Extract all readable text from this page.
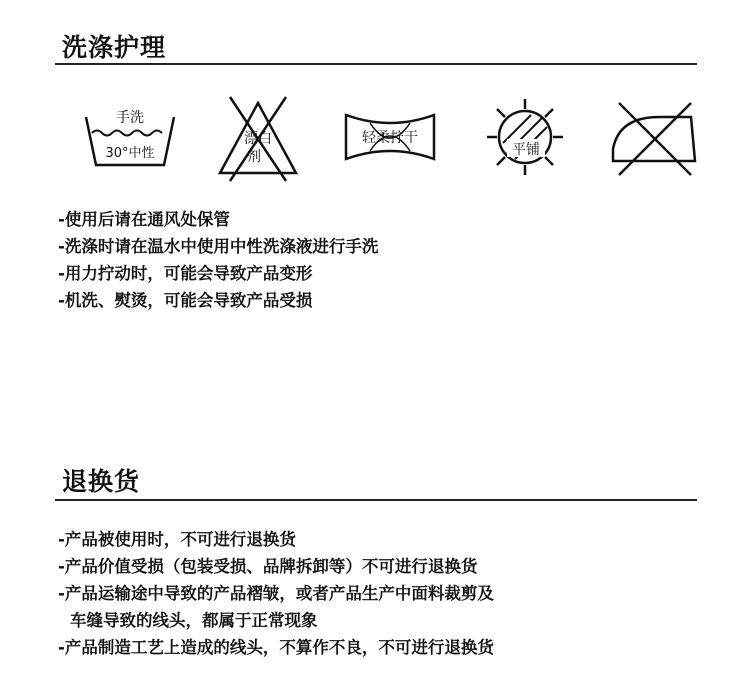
洗涤护理
手洗
30°中性
漂白
剂
轻柔拧干
平铺
-使用后请在通风处保管
-洗涤时请在温水中使用中性洗涤液进行手洗
-用力拧动时，可能会导致产品变形
-机洗、熨烫，可能会导致产品受损
退换货
-产品被使用时，不可进行退换货
-产品价值受损（包装受损、品牌拆卸等）不可进行退换货
-产品运输途中导致的产品褶皱，或者产品生产中面料裁剪及
车缝导致的线头，都属于正常现象
-产品制造工艺上造成的线头，不算作不良，不可进行退换货
